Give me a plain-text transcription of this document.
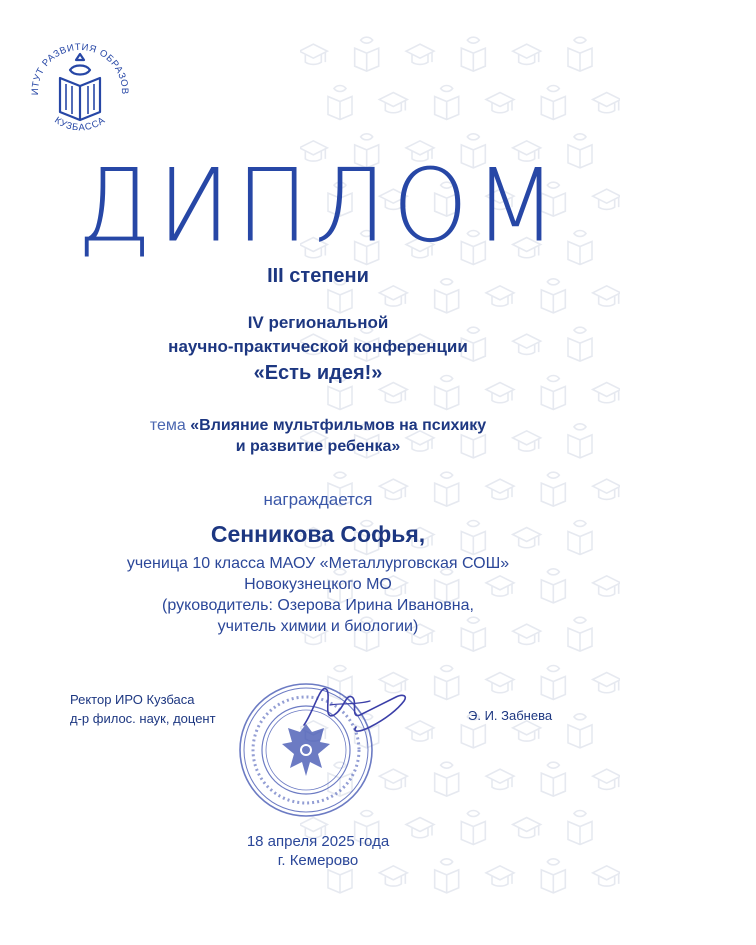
ИТУТ РАЗВИТИЯ ОБРАЗОВ
КУЗБАССА
ДИПЛОМ
III степени
IV региональной
научно-практической конференции
«Есть идея!»
тема «Влияние мультфильмов на психику
и развитие ребенка»
награждается
Сенникова Софья,
ученица 10 класса МАОУ «Металлурговская СОШ»
Новокузнецкого МО
(руководитель: Озерова Ирина Ивановна,
учитель химии и биологии)
Ректор ИРО Кузбаса
д-р филос. наук, доцент	Э. И. Забнева
18 апреля 2025 года
г. Кемерово
